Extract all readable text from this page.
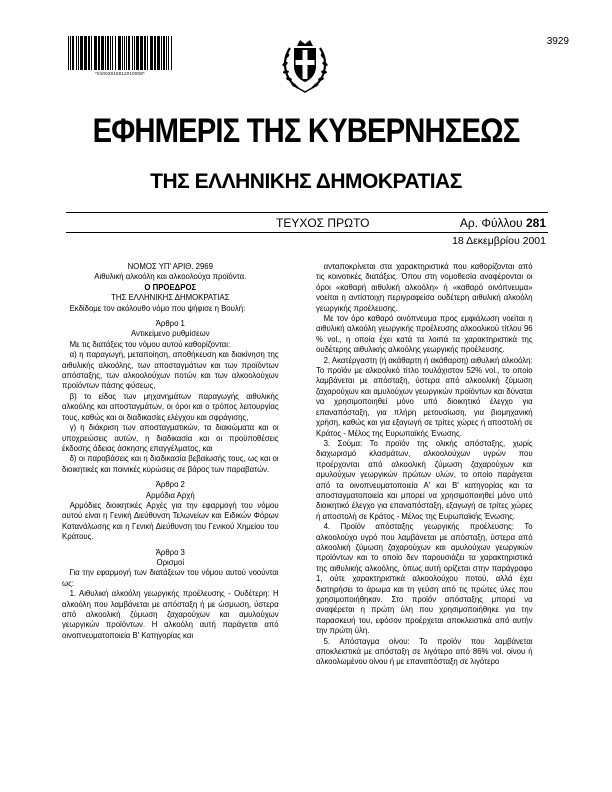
*01002810812010008*
3929
ΕΦΗΜΕΡΙΣ ΤΗΣ ΚΥΒΕΡΝΗΣΕΩΣ
ΤΗΣ ΕΛΛΗΝΙΚΗΣ ΔΗΜΟΚΡΑΤΙΑΣ
ΤΕΥΧΟΣ ΠΡΩΤΟ	Αρ. Φύλλου 281
18 Δεκεμβρίου 2001

ΝΟΜΟΣ ΥΠ' ΑΡΙΘ. 2969

Αιθυλική αλκοόλη και αλκοολούχα προϊόντα.

Ο ΠΡΟΕΔΡΟΣ

ΤΗΣ ΕΛΛΗΝΙΚΗΣ ΔΗΜΟΚΡΑΤΙΑΣ

Εκδίδομε τον ακόλουθο νόμο που ψήφισε η Βουλή:

Άρθρο 1

Αντικείμενο ρυθμίσεων

Με τις διατάξεις του νόμου αυτού καθορίζονται:

α) η παραγωγή, μεταποίηση, αποθήκευση και διακίνηση της αιθυλικής αλκοόλης, των αποσταγμάτων και των προϊόντων απόσταξης, των αλκοολούχων ποτών και των αλκοολούχων προϊόντων πάσης φύσεως,

β) το είδος των μηχανημάτων παραγωγής αιθυλικής αλκοόλης και αποσταγμάτων, οι όροι και ο τρόπος λειτουργίας τους, καθώς και οι διαδικασίες ελέγχου και σφράγισης,

γ) η διάκριση των αποσταγματικών, τα διακιώματα και οι υποχρεώσεις αυτών, η διαδικασία και οι προϋποθέσεις έκδοσης άδειας άσκησης επαγγέλματος, και

δ) οι παραβάσεις και η διαδικασία βεβαίωσής τους, ως και οι διοικητικές και ποινικές κυρώσεις σε βάρος των παραβατών.

Άρθρο 2

Αρμόδια Αρχή

Αρμόδιες διοικητικές Αρχές για την εφαρμογή του νόμου αυτού είναι η Γενική Διεύθυνση Τελωνείων και Ειδικών Φόρων Κατανάλωσης και η Γενική Διεύθυνση του Γενικού Χημείου του Κράτους.

Άρθρο 3

Ορισμοί

Για την εφαρμογή των διατάξεων του νόμου αυτού νοούνται ως:

1. Αιθυλική αλκοόλη γεωργικής προέλευσης - Ουδέτερη: Η αλκοόλη που λαμβάνεται με απόσταξη ή με ώσμωση, ύστερα από αλκοολική ζύμωση ζαχαρούχων και αμυλούχων γεωργικών προϊόντων. Η αλκοόλη αυτή παράγεται από οινοπνευματοποιεία Β' Κατηγορίας και

ανταποκρίνεται στα χαρακτηριστικά που καθορίζονται από τις κοινοτικές διατάξεις. Όπου στη νομοθεσία αναφέρονται οι όροι «καθαρή αιθυλική αλκοόλη» ή «καθαρό οινόπνευμα» νοείται η αντίστοιχη περιγραφείσα ουδέτερη αιθυλική αλκοόλη γεωργικής προέλευσης.

Με τον όρο καθαρό οινόπνευμα προς εμφιάλωση νοείται η αιθυλική αλκοόλη γεωργικής προέλευσης αλκοολικού τίτλου 96 % vol., η οποία έχει κατά τα λοιπά τα χαρακτηριστικά της ουδέτερης αιθυλικής αλκοόλης γεωργικής προέλευσης.

2. Ακατέργαστη (ή ακάθαρτη ή ακάθαρση) αιθυλική αλκοόλη: Το προϊόν με αλκοολικό τίτλο τουλάχιστον 52% vol., το οποίο λαμβάνεται με απόσταξη, ύστερα από αλκοολική ζύμωση ζαχαρούχων και αμυλούχων γεωργικών προϊόντων και δύναται να χρησιμοποιηθεί μόνο υπό διοικητικό έλεγχο για επαναπόσταξη, για πλήρη μετουσίωση, για βιομηχανική χρήση, καθώς και για εξαγωγή σε τρίτες χώρες ή αποστολή σε Κράτος - Μέλος της Ευρωπαϊκής Ένωσης.

3. Σούμα: Το προϊόν της ολικής απόσταξης, χωρίς διαχωρισμό κλασμάτων, αλκοολούχων υγρών που προέρχονται από αλκοολική ζύμωση ζαχαρούχων και αμυλούχων γεωργικών πρώτων υλών, το οποίο παράγεται από τα οινοπνευματοποιεία Α' και Β' κατηγορίας και τα αποσταγματοποιεία και μπορεί να χρησιμοποιηθεί μόνο υπό διοικητικό έλεγχο για επαναπόσταξη, εξαγωγή σε τρίτες χώρες ή αποστολή σε Κράτος - Μέλος της Ευρωπαϊκής Ένωσης.

4. Προϊόν απόσταξης γεωργικής προέλευσης: Το αλκοολούχο υγρό που λαμβάνεται με απόσταξη, ύστερα από αλκοολική ζύμωση ζαχαρούχων και αμυλούχων γεωργικών προϊόντων και το οποίο δεν παρουσιάζει τα χαρακτηριστικά της αιθυλικής αλκοόλης, όπως αυτή ορίζεται στην παράγραφο 1, ούτε χαρακτηριστικά αλκοολούχου ποτού, αλλά έχει διατηρήσει το άρωμα και τη γεύση από τις πρώτες ύλες που χρησιμοποιήθηκαν. Στο προϊόν απόσταξης μπορεί να αναφέρεται η πρώτη ύλη που χρησιμοποιήθηκε για την παρασκευή του, εφόσον προέρχεται αποκλειστικά από αυτήν την πρώτη ύλη.

5. Απόσταγμα οίνου: Το προϊόν που λαμβάνεται αποκλειστικά με απόσταξη σε λιγότερο από 86% vol. οίνου ή αλκοολωμένου οίνου ή με επαναπόσταξη σε λιγότερο
